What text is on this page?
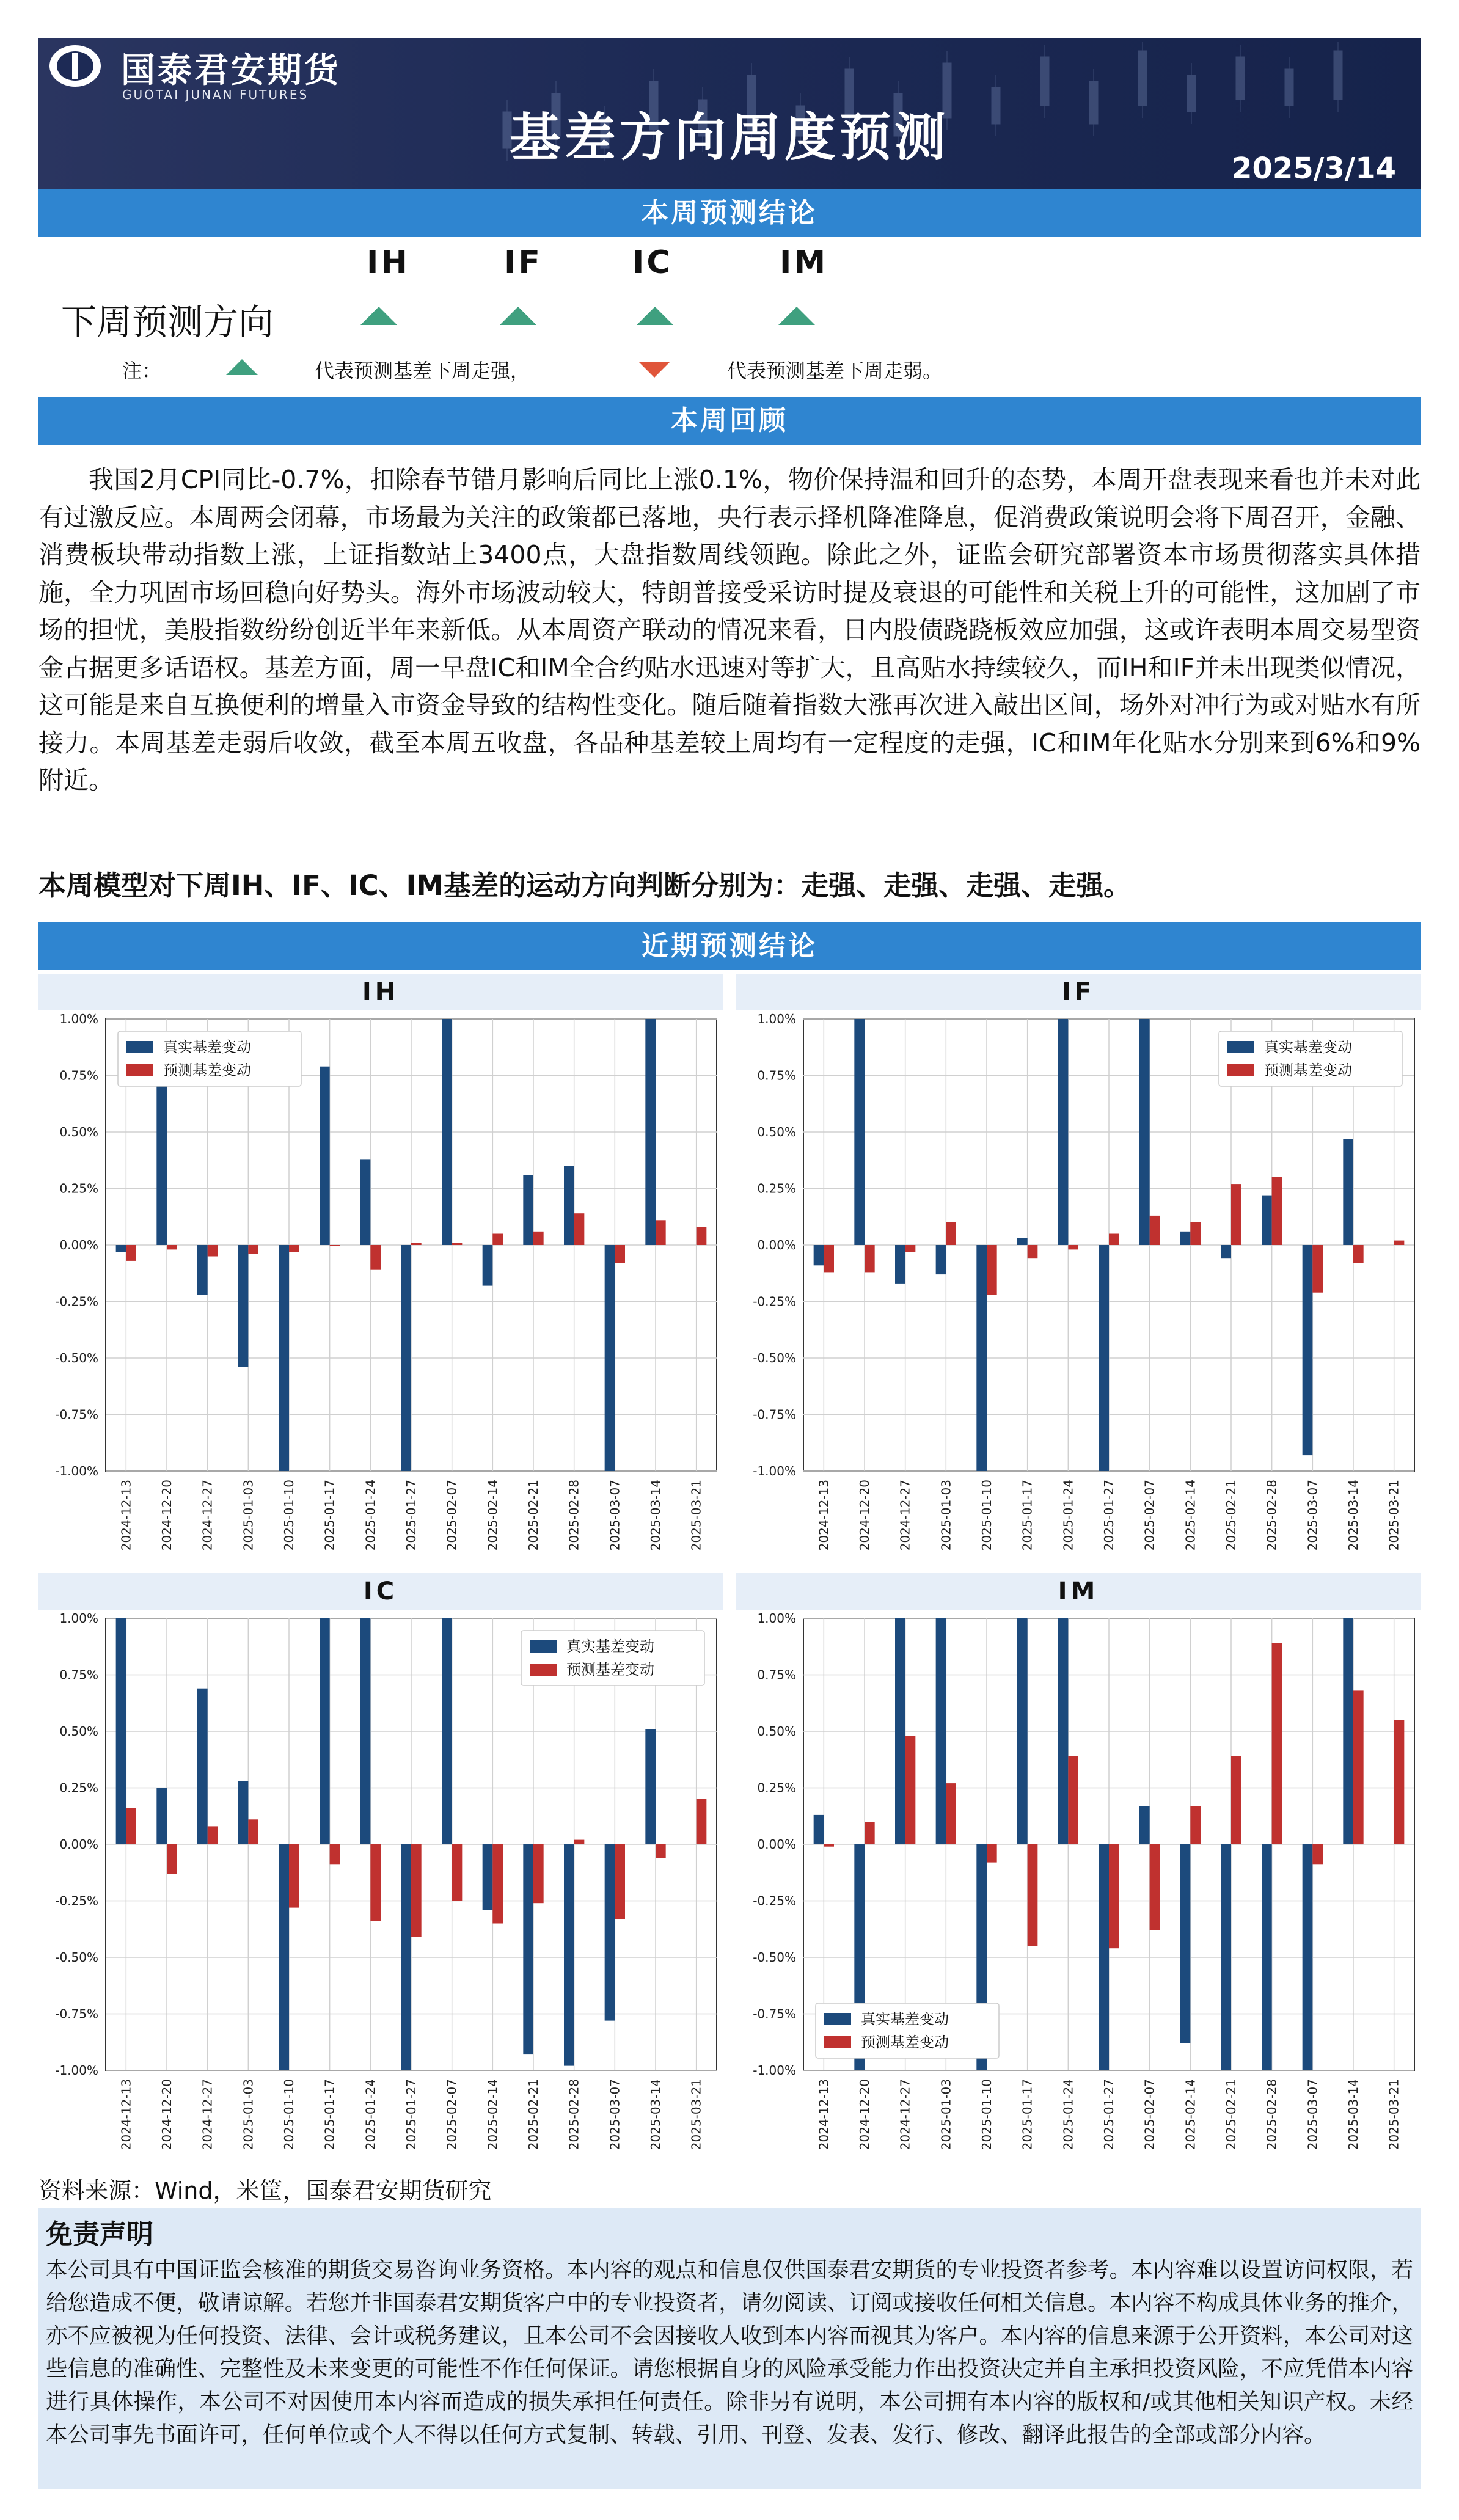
国泰君安期货
GUOTAI JUNAN FUTURES
基差方向周度预测
2025/3/14
本周预测结论
IH	IF	IC	IM
下周预测方向
注：	代表预测基差下周走强，	代表预测基差下周走弱。
本周回顾

我国2月CPI同比-0.7%，扣除春节错月影响后同比上涨0.1%，物价保持温和回升的态势，本周开盘表现来看也并未对此有过激反应。本周两会闭幕，市场最为关注的政策都已落地，央行表示择机降准降息，促消费政策说明会将下周召开，金融、消费板块带动指数上涨，上证指数站上3400点，大盘指数周线领跑。除此之外，证监会研究部署资本市场贯彻落实具体措施，全力巩固市场回稳向好势头。海外市场波动较大，特朗普接受采访时提及衰退的可能性和关税上升的可能性，这加剧了市场的担忧，美股指数纷纷创近半年来新低。从本周资产联动的情况来看，日内股债跷跷板效应加强，这或许表明本周交易型资金占据更多话语权。基差方面，周一早盘IC和IM全合约贴水迅速对等扩大，且高贴水持续较久，而IH和IF并未出现类似情况，这可能是来自互换便利的增量入市资金导致的结构性变化。随后随着指数大涨再次进入敲出区间，场外对冲行为或对贴水有所接力。本周基差走弱后收敛，截至本周五收盘，各品种基差较上周均有一定程度的走强，IC和IM年化贴水分别来到6%和9%附近。

本周模型对下周IH、IF、IC、IM基差的运动方向判断分别为：走强、走强、走强、走强。
近期预测结论
IH
1.00%
0.75%
0.50%
0.25%
0.00%
-0.25%
-0.50%
-0.75%
-1.00%
2024-12-13 2024-12-20 2024-12-27 2025-01-03 2025-01-10 2025-01-17 2025-01-24 2025-01-27 2025-02-07 2025-02-14 2025-02-21 2025-02-28 2025-03-07 2025-03-14 2025-03-21
真实基差变动
预测基差变动
IF
1.00%
0.75%
0.50%
0.25%
0.00%
-0.25%
-0.50%
-0.75%
-1.00%
2024-12-13 2024-12-20 2024-12-27 2025-01-03 2025-01-10 2025-01-17 2025-01-24 2025-01-27 2025-02-07 2025-02-14 2025-02-21 2025-02-28 2025-03-07 2025-03-14 2025-03-21
真实基差变动
预测基差变动
IC
1.00%
0.75%
0.50%
0.25%
0.00%
-0.25%
-0.50%
-0.75%
-1.00%
2024-12-13 2024-12-20 2024-12-27 2025-01-03 2025-01-10 2025-01-17 2025-01-24 2025-01-27 2025-02-07 2025-02-14 2025-02-21 2025-02-28 2025-03-07 2025-03-14 2025-03-21
真实基差变动
预测基差变动
IM
1.00%
0.75%
0.50%
0.25%
0.00%
-0.25%
-0.50%
-0.75%
-1.00%
2024-12-13 2024-12-20 2024-12-27 2025-01-03 2025-01-10 2025-01-17 2025-01-24 2025-01-27 2025-02-07 2025-02-14 2025-02-21 2025-02-28 2025-03-07 2025-03-14 2025-03-21
真实基差变动
预测基差变动
资料来源：Wind，米筐，国泰君安期货研究
免责声明
本公司具有中国证监会核准的期货交易咨询业务资格。本内容的观点和信息仅供国泰君安期货的专业投资者参考。本内容难以设置访问权限，若给您造成不便，敬请谅解。若您并非国泰君安期货客户中的专业投资者，请勿阅读、订阅或接收任何相关信息。本内容不构成具体业务的推介，亦不应被视为任何投资、法律、会计或税务建议，且本公司不会因接收人收到本内容而视其为客户。本内容的信息来源于公开资料，本公司对这些信息的准确性、完整性及未来变更的可能性不作任何保证。请您根据自身的风险承受能力作出投资决定并自主承担投资风险，不应凭借本内容进行具体操作，本公司不对因使用本内容而造成的损失承担任何责任。除非另有说明，本公司拥有本内容的版权和/或其他相关知识产权。未经本公司事先书面许可，任何单位或个人不得以任何方式复制、转载、引用、刊登、发表、发行、修改、翻译此报告的全部或部分内容。
